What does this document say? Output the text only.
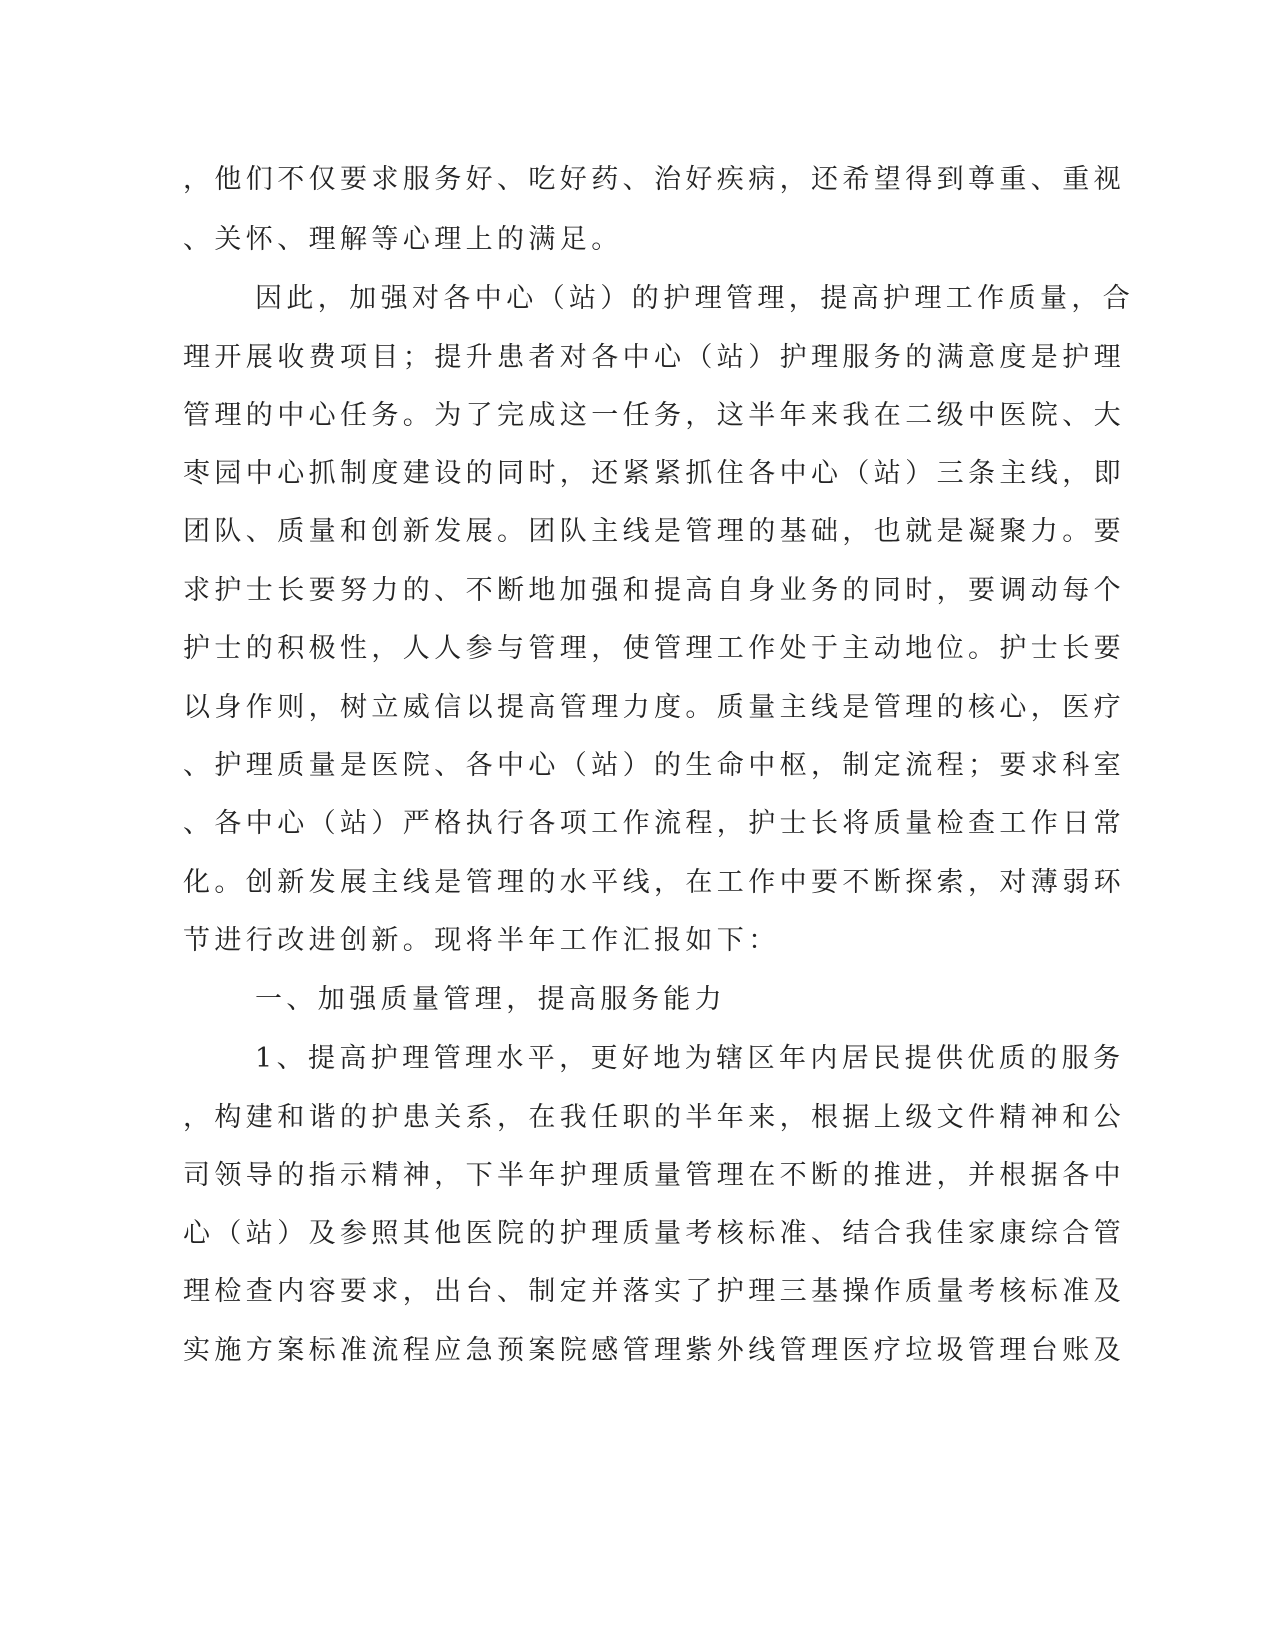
，他们不仅要求服务好、吃好药、治好疾病，还希望得到尊重、重视
、关怀、理解等心理上的满足。
因此，加强对各中心（站）的护理管理，提高护理工作质量，合
理开展收费项目；提升患者对各中心（站）护理服务的满意度是护理
管理的中心任务。为了完成这一任务，这半年来我在二级中医院、大
枣园中心抓制度建设的同时，还紧紧抓住各中心（站）三条主线，即
团队、质量和创新发展。团队主线是管理的基础，也就是凝聚力。要
求护士长要努力的、不断地加强和提高自身业务的同时，要调动每个
护士的积极性，人人参与管理，使管理工作处于主动地位。护士长要
以身作则，树立威信以提高管理力度。质量主线是管理的核心，医疗
、护理质量是医院、各中心（站）的生命中枢，制定流程；要求科室
、各中心（站）严格执行各项工作流程，护士长将质量检查工作日常
化。创新发展主线是管理的水平线，在工作中要不断探索，对薄弱环
节进行改进创新。现将半年工作汇报如下：
一、加强质量管理，提高服务能力
1、提高护理管理水平，更好地为辖区年内居民提供优质的服务
，构建和谐的护患关系，在我任职的半年来，根据上级文件精神和公
司领导的指示精神，下半年护理质量管理在不断的推进，并根据各中
心（站）及参照其他医院的护理质量考核标准、结合我佳家康综合管
理检查内容要求，出台、制定并落实了护理三基操作质量考核标准及
实施方案标准流程应急预案院感管理紫外线管理医疗垃圾管理台账及
